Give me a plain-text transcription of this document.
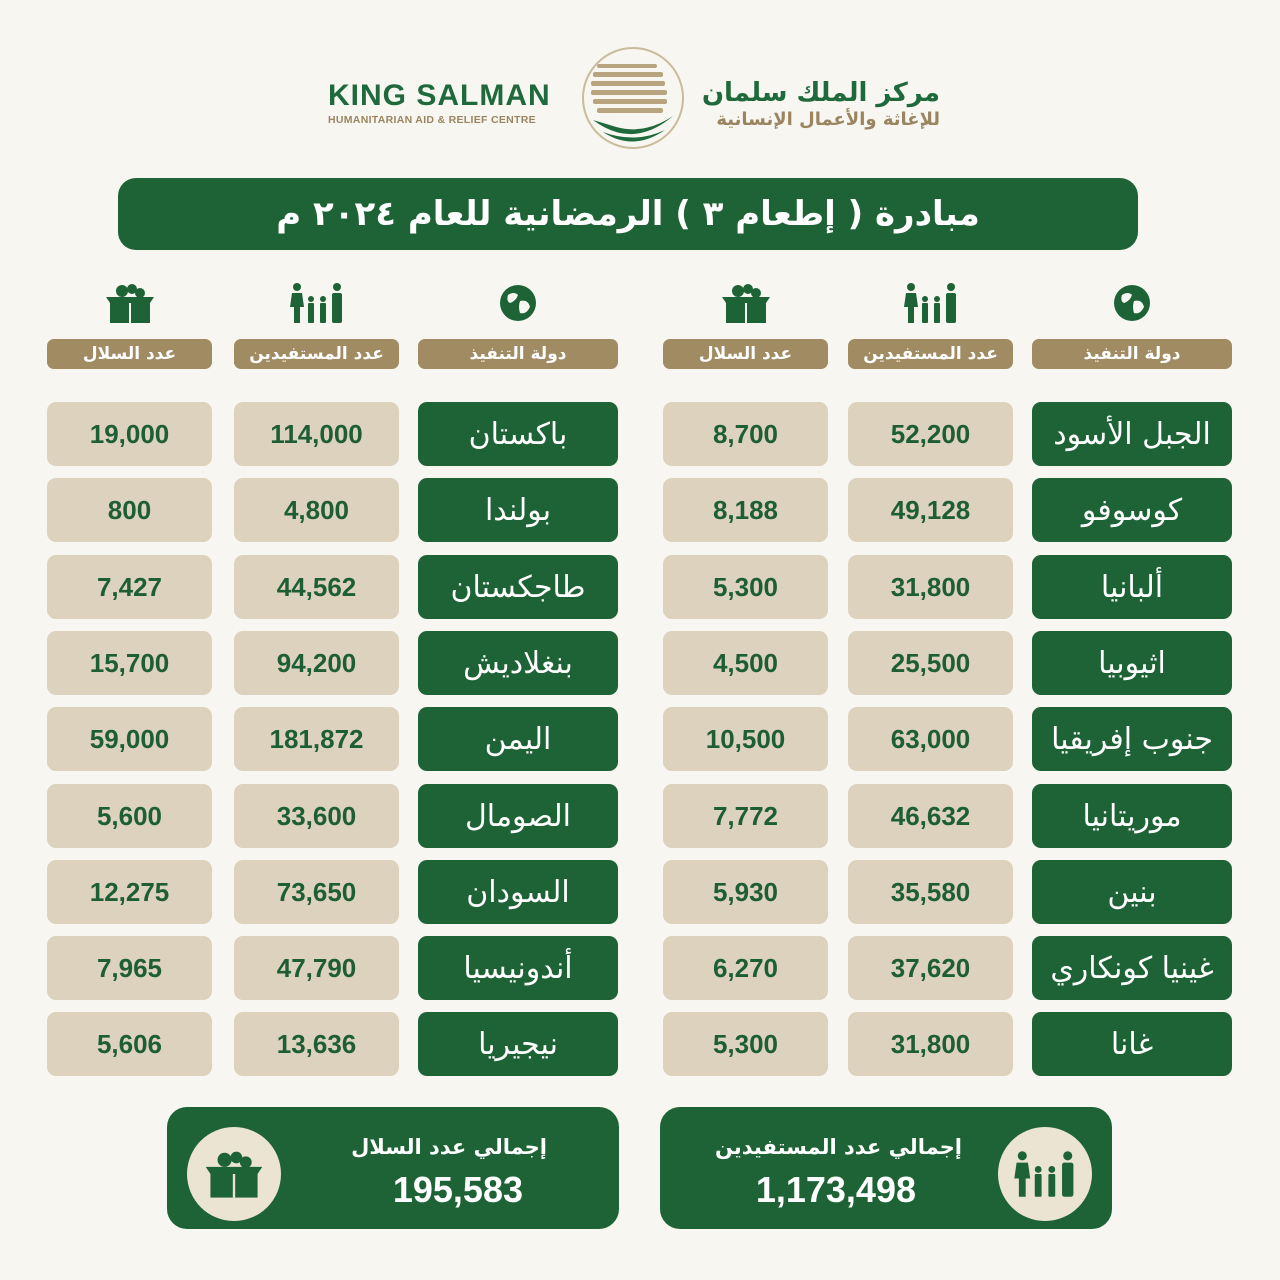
KING SALMAN
HUMANITARIAN AID & RELIEF CENTRE
مركز الملك سلمان
للإغاثة والأعمال الإنسانية
مبادرة ( إطعام ٣ ) الرمضانية للعام ٢٠٢٤ م
دولة التنفيذ
الجبل الأسود
كوسوفو
ألبانيا
اثيوبيا
جنوب إفريقيا
موريتانيا
بنين
غينيا كونكاري
غانا
عدد المستفيدين
52,200
49,128
31,800
25,500
63,000
46,632
35,580
37,620
31,800
عدد السلال
8,700
8,188
5,300
4,500
10,500
7,772
5,930
6,270
5,300
دولة التنفيذ
باكستان
بولندا
طاجكستان
بنغلاديش
اليمن
الصومال
السودان
أندونيسيا
نيجيريا
عدد المستفيدين
114,000
4,800
44,562
94,200
181,872
33,600
73,650
47,790
13,636
عدد السلال
19,000
800
7,427
15,700
59,000
5,600
12,275
7,965
5,606
إجمالي عدد المستفيدين
1,173,498
إجمالي عدد السلال
195,583
